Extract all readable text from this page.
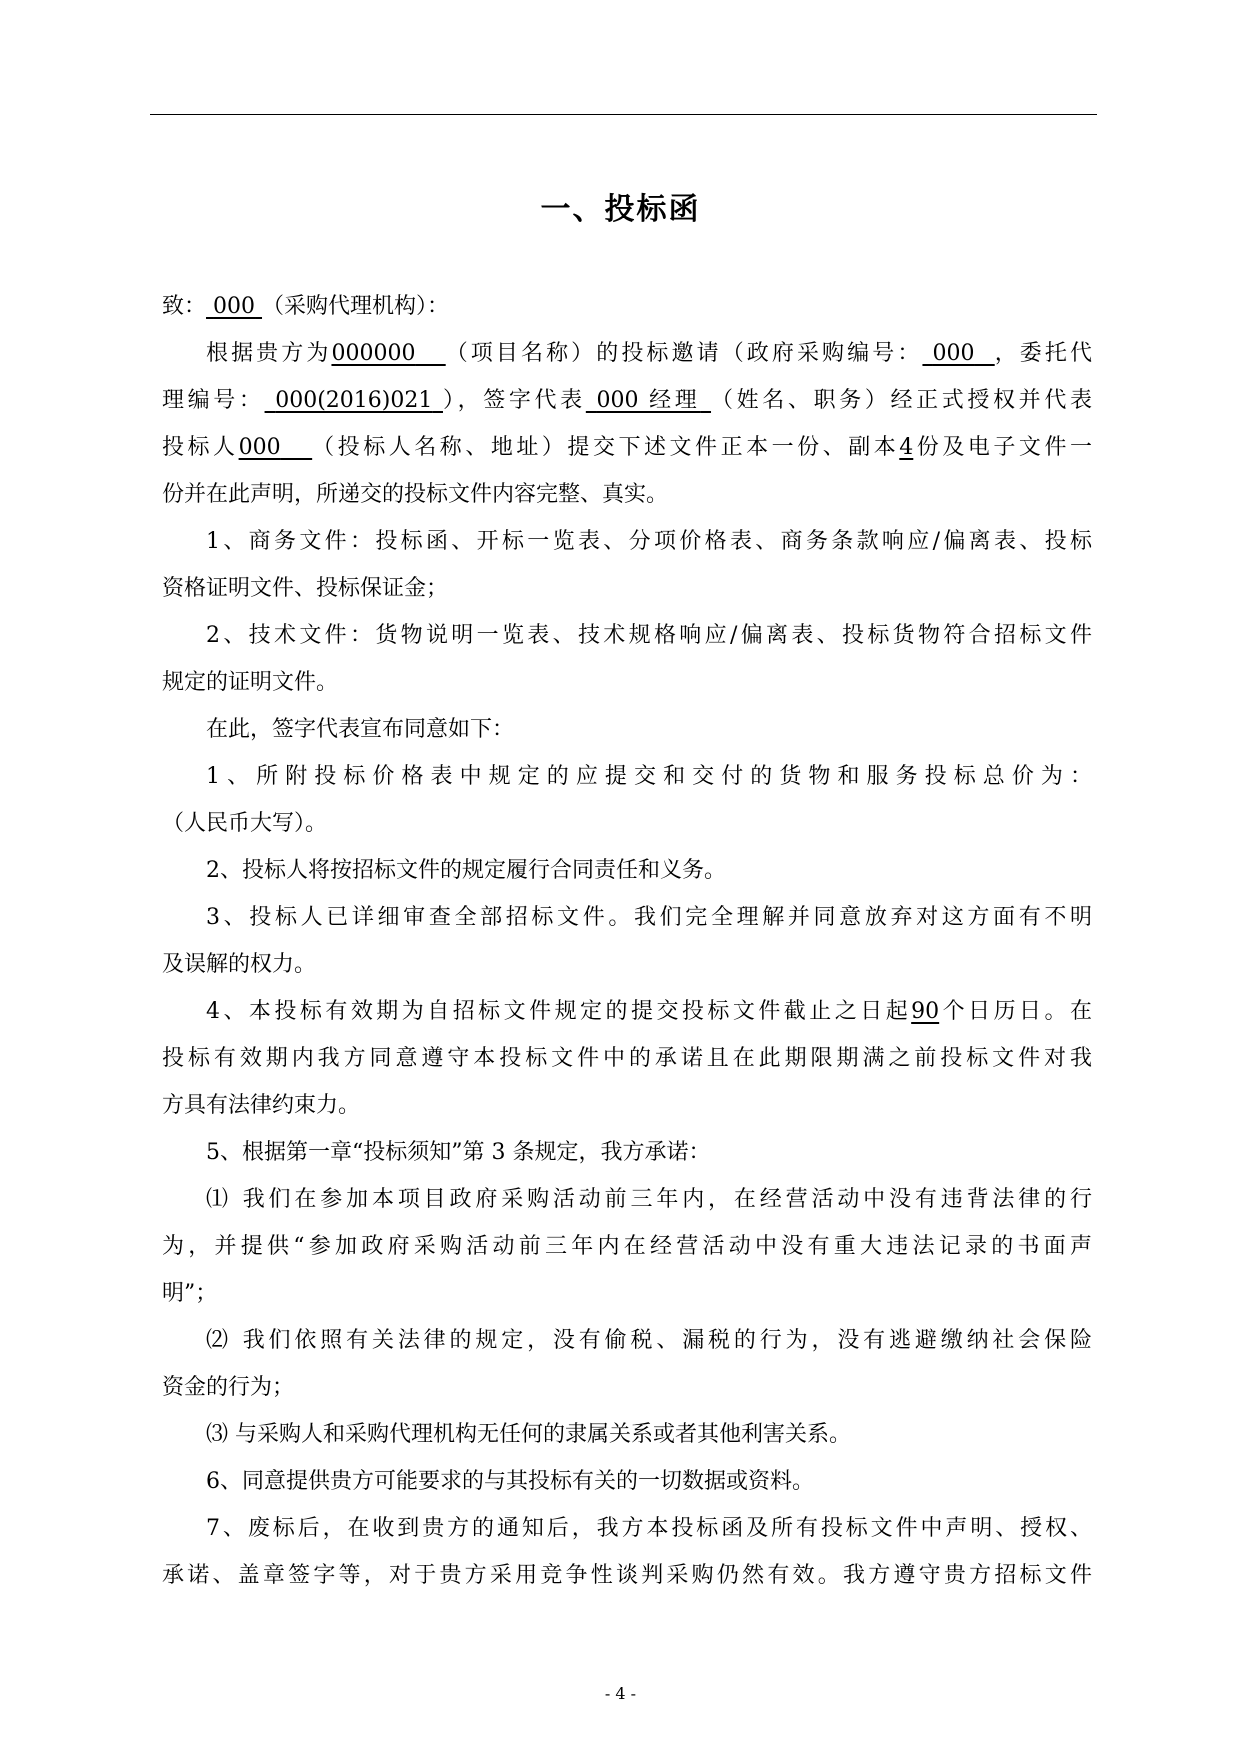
一、投标函

致： 000 （采购代理机构）：

根据贵方为000000 （项目名称）的投标邀请（政府采购编号： 000 ，委托代

理编号： 000(2016)021 ），签字代表 000 经理 （姓名、职务）经正式授权并代表

投标人000 （投标人名称、地址）提交下述文件正本一份、副本4份及电子文件一

份并在此声明，所递交的投标文件内容完整、真实。

1、商务文件：投标函、开标一览表、分项价格表、商务条款响应/偏离表、投标

资格证明文件、投标保证金；

2、技术文件：货物说明一览表、技术规格响应/偏离表、投标货物符合招标文件

规定的证明文件。

在此，签字代表宣布同意如下：

1、所附投标价格表中规定的应提交和交付的货物和服务投标总价为：

（人民币大写）。

2、投标人将按招标文件的规定履行合同责任和义务。

3、投标人已详细审查全部招标文件。我们完全理解并同意放弃对这方面有不明

及误解的权力。

4、本投标有效期为自招标文件规定的提交投标文件截止之日起90个日历日。在

投标有效期内我方同意遵守本投标文件中的承诺且在此期限期满之前投标文件对我

方具有法律约束力。

5、根据第一章“投标须知”第 3 条规定，我方承诺：

⑴ 我们在参加本项目政府采购活动前三年内，在经营活动中没有违背法律的行

为，并提供“参加政府采购活动前三年内在经营活动中没有重大违法记录的书面声

明”；

⑵ 我们依照有关法律的规定，没有偷税、漏税的行为，没有逃避缴纳社会保险

资金的行为；

⑶ 与采购人和采购代理机构无任何的隶属关系或者其他利害关系。

6、同意提供贵方可能要求的与其投标有关的一切数据或资料。

7、废标后，在收到贵方的通知后，我方本投标函及所有投标文件中声明、授权、

承诺、盖章签字等，对于贵方采用竞争性谈判采购仍然有效。我方遵守贵方招标文件

- 4 -
